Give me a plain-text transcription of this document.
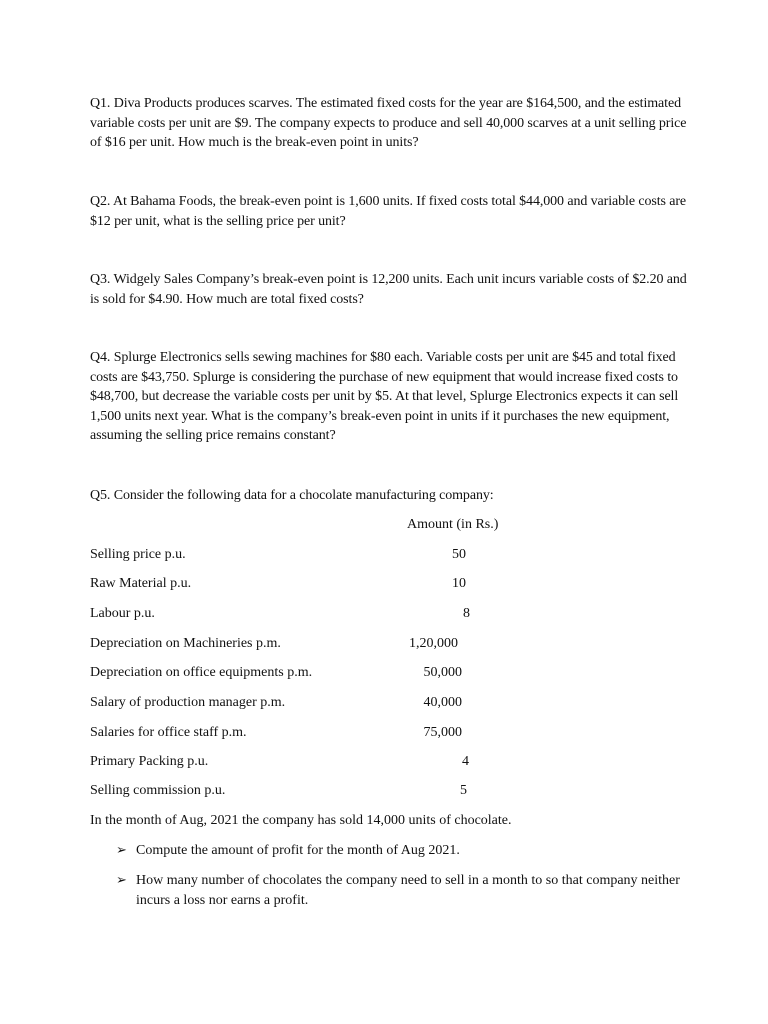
Q1. Diva Products produces scarves. The estimated fixed costs for the year are $164,500, and the estimated variable costs per unit are $9. The company expects to produce and sell 40,000 scarves at a unit selling price of $16 per unit. How much is the break-even point in units?

Q2. At Bahama Foods, the break-even point is 1,600 units. If fixed costs total $44,000 and variable costs are $12 per unit, what is the selling price per unit?

Q3. Widgely Sales Company’s break-even point is 12,200 units. Each unit incurs variable costs of $2.20 and is sold for $4.90. How much are total fixed costs?

Q4. Splurge Electronics sells sewing machines for $80 each. Variable costs per unit are $45 and total fixed costs are $43,750. Splurge is considering the purchase of new equipment that would increase fixed costs to $48,700, but decrease the variable costs per unit by $5. At that level, Splurge Electronics expects it can sell 1,500 units next year. What is the company’s break-even point in units if it purchases the new equipment, assuming the selling price remains constant?

Q5. Consider the following data for a chocolate manufacturing company:

Amount (in Rs.)
Selling price p.u.	50
Raw Material p.u.	10
Labour p.u.	8
Depreciation on Machineries p.m.	1,20,000
Depreciation on office equipments p.m.	50,000
Salary of production manager p.m.	40,000
Salaries for office staff p.m.	75,000
Primary Packing p.u.	4
Selling commission p.u.	5
In the month of Aug, 2021 the company has sold 14,000 units of chocolate.
➢ Compute the amount of profit for the month of Aug 2021.
➢ How many number of chocolates the company need to sell in a month to so that company neither incurs a loss nor earns a profit.
